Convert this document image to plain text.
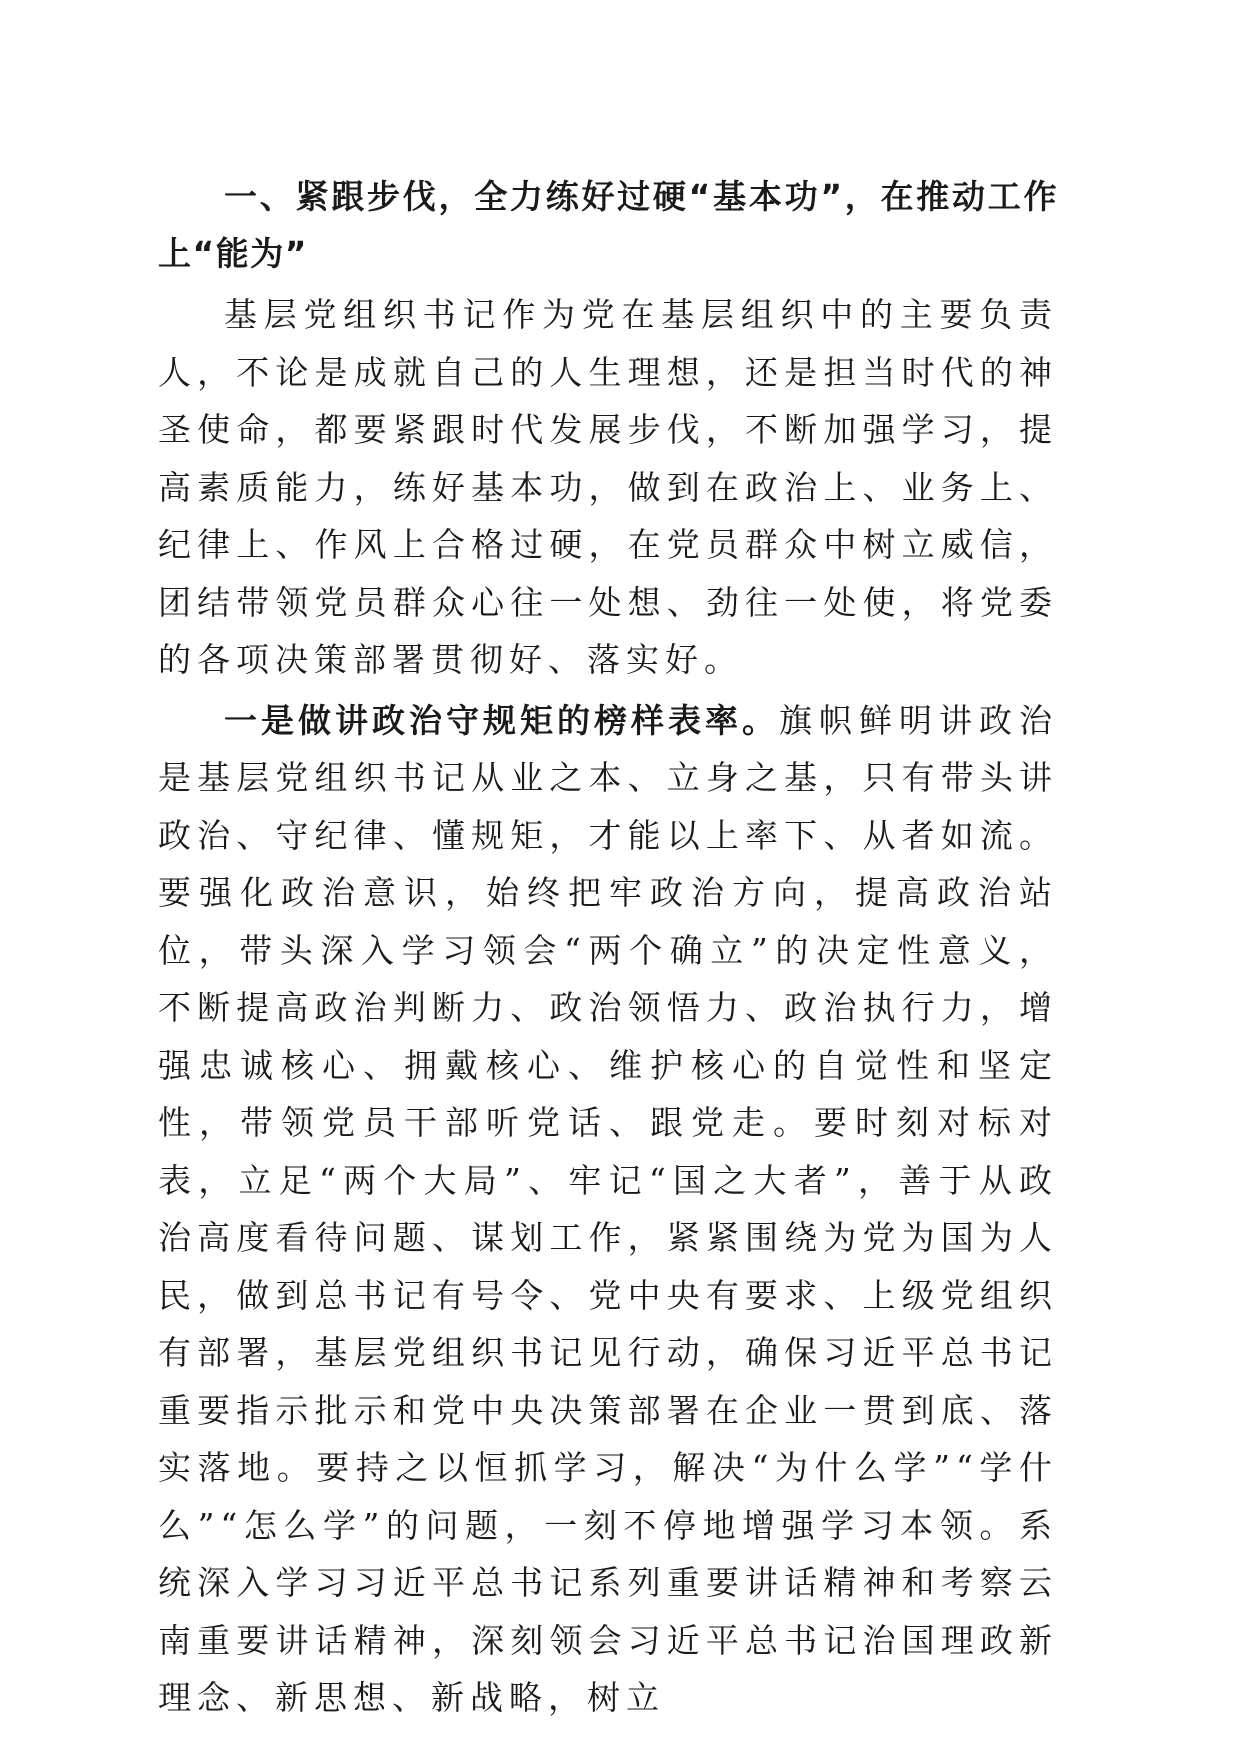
一、紧跟步伐，全力练好过硬“基本功”，在推动工作上“能为”

基层党组织书记作为党在基层组织中的主要负责人，不论是成就自己的人生理想，还是担当时代的神圣使命，都要紧跟时代发展步伐，不断加强学习，提高素质能力，练好基本功，做到在政治上、业务上、纪律上、作风上合格过硬，在党员群众中树立威信，团结带领党员群众心往一处想、劲往一处使，将党委的各项决策部署贯彻好、落实好。

一是做讲政治守规矩的榜样表率。旗帜鲜明讲政治是基层党组织书记从业之本、立身之基，只有带头讲政治、守纪律、懂规矩，才能以上率下、从者如流。要强化政治意识，始终把牢政治方向，提高政治站位，带头深入学习领会“两个确立”的决定性意义，不断提高政治判断力、政治领悟力、政治执行力，增强忠诚核心、拥戴核心、维护核心的自觉性和坚定性，带领党员干部听党话、跟党走。要时刻对标对表，立足“两个大局”、牢记“国之大者”，善于从政治高度看待问题、谋划工作，紧紧围绕为党为国为人民，做到总书记有号令、党中央有要求、上级党组织有部署，基层党组织书记见行动，确保习近平总书记重要指示批示和党中央决策部署在企业一贯到底、落实落地。要持之以恒抓学习，解决“为什么学”“学什么”“怎么学”的问题，一刻不停地增强学习本领。系统深入学习习近平总书记系列重要讲话精神和考察云南重要讲话精神，深刻领会习近平总书记治国理政新理念、新思想、新战略，树立
